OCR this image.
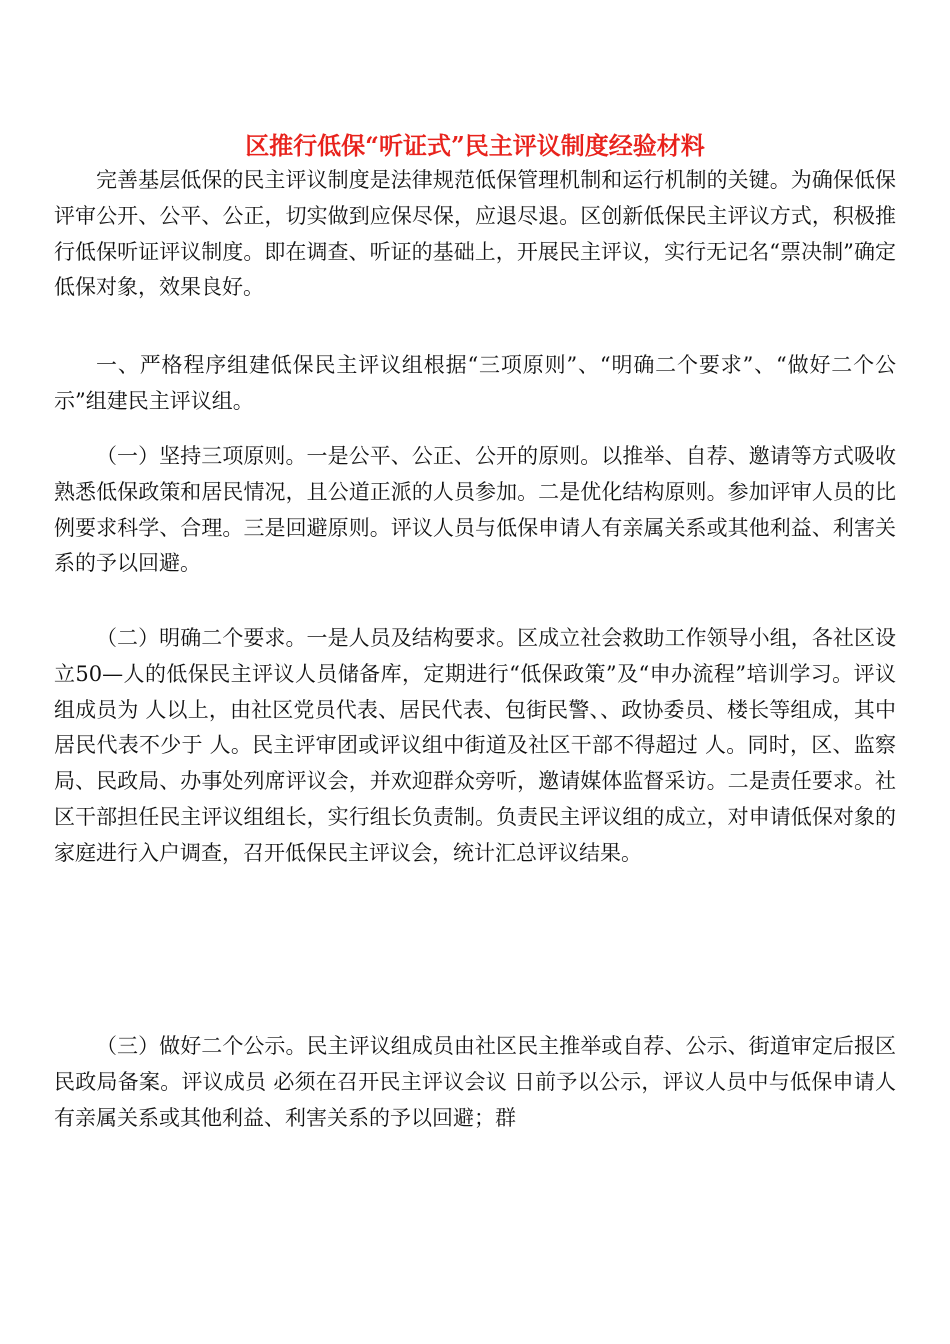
区推行低保“听证式”民主评议制度经验材料

完善基层低保的民主评议制度是法律规范低保管理机制和运行机制的关键。为确保低保评审公开、公平、公正，切实做到应保尽保，应退尽退。区创新低保民主评议方式，积极推行低保听证评议制度。即在调查、听证的基础上，开展民主评议，实行无记名“票决制”确定低保对象，效果良好。

一、严格程序组建低保民主评议组根据“三项原则”、“明确二个要求”、“做好二个公示”组建民主评议组。

（一）坚持三项原则。一是公平、公正、公开的原则。以推举、自荐、邀请等方式吸收熟悉低保政策和居民情况，且公道正派的人员参加。二是优化结构原则。参加评审人员的比例要求科学、合理。三是回避原则。评议人员与低保申请人有亲属关系或其他利益、利害关系的予以回避。

（二）明确二个要求。一是人员及结构要求。区成立社会救助工作领导小组，各社区设立50—人的低保民主评议人员储备库，定期进行“低保政策”及“申办流程”培训学习。评议组成员为 人以上，由社区党员代表、居民代表、包街民警、、政协委员、楼长等组成，其中居民代表不少于 人。民主评审团或评议组中街道及社区干部不得超过 人。同时，区、监察局、民政局、办事处列席评议会，并欢迎群众旁听，邀请媒体监督采访。二是责任要求。社区干部担任民主评议组组长，实行组长负责制。负责民主评议组的成立，对申请低保对象的家庭进行入户调查，召开低保民主评议会，统计汇总评议结果。

（三）做好二个公示。民主评议组成员由社区民主推举或自荐、公示、街道审定后报区民政局备案。评议成员 必须在召开民主评议会议 日前予以公示，评议人员中与低保申请人有亲属关系或其他利益、利害关系的予以回避；群
